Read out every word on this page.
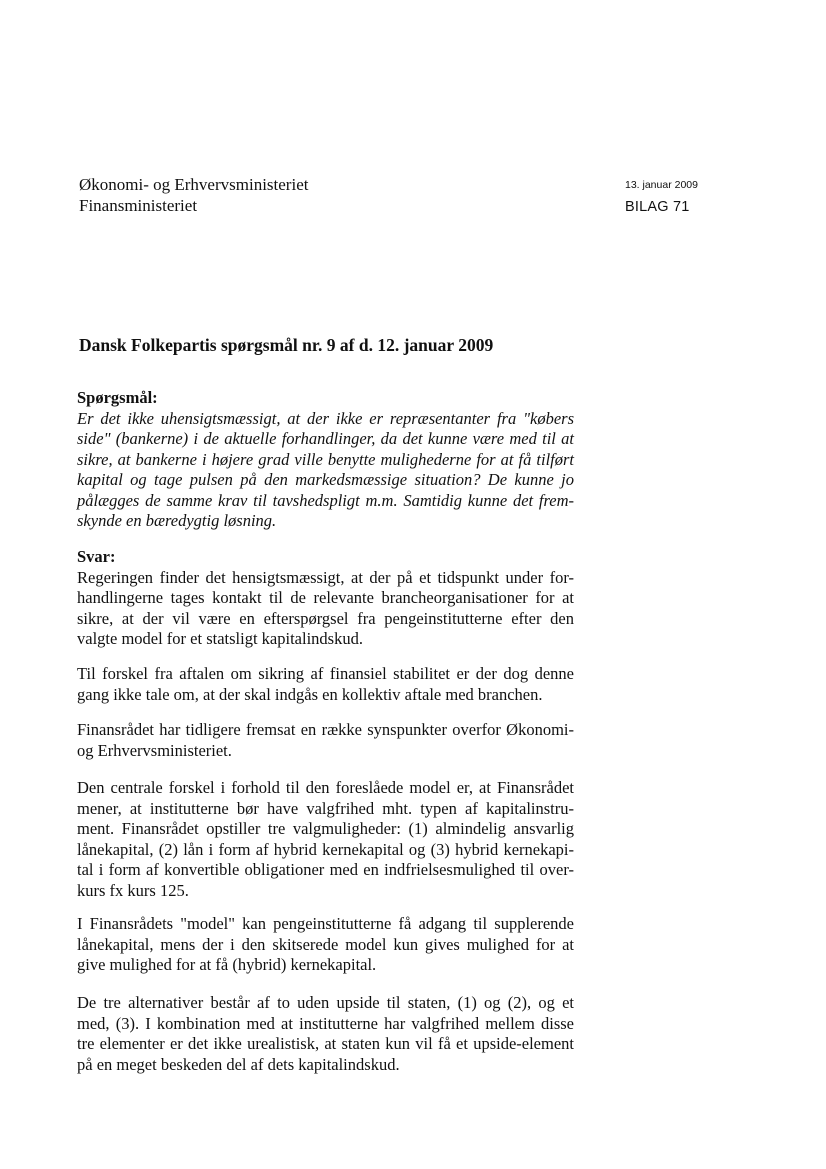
Økonomi- og Erhvervsministeriet
Finansministeriet
13. januar 2009
BILAG 71
Dansk Folkepartis spørgsmål nr. 9 af d. 12. januar 2009
Spørgsmål:
Er det ikke uhensigtsmæssigt, at der ikke er repræsentanter fra "købers
side" (bankerne) i de aktuelle forhandlinger, da det kunne være med til at
sikre, at bankerne i højere grad ville benytte mulighederne for at få tilført
kapital og tage pulsen på den markedsmæssige situation? De kunne jo
pålægges de samme krav til tavshedspligt m.m. Samtidig kunne det frem-
skynde en bæredygtig løsning.
Svar:
Regeringen finder det hensigtsmæssigt, at der på et tidspunkt under for-
handlingerne tages kontakt til de relevante brancheorganisationer for at
sikre, at der vil være en efterspørgsel fra pengeinstitutterne efter den
valgte model for et statsligt kapitalindskud.
Til forskel fra aftalen om sikring af finansiel stabilitet er der dog denne
gang ikke tale om, at der skal indgås en kollektiv aftale med branchen.
Finansrådet har tidligere fremsat en række synspunkter overfor Økonomi-
og Erhvervsministeriet.
Den centrale forskel i forhold til den foreslåede model er, at Finansrådet
mener, at institutterne bør have valgfrihed mht. typen af kapitalinstru-
ment. Finansrådet opstiller tre valgmuligheder: (1) almindelig ansvarlig
lånekapital, (2) lån i form af hybrid kernekapital og (3) hybrid kernekapi-
tal i form af konvertible obligationer med en indfrielsesmulighed til over-
kurs fx kurs 125.
I Finansrådets "model" kan pengeinstitutterne få adgang til supplerende
lånekapital, mens der i den skitserede model kun gives mulighed for at
give mulighed for at få (hybrid) kernekapital.
De tre alternativer består af to uden upside til staten, (1) og (2), og et
med, (3). I kombination med at institutterne har valgfrihed mellem disse
tre elementer er det ikke urealistisk, at staten kun vil få et upside-element
på en meget beskeden del af dets kapitalindskud.
